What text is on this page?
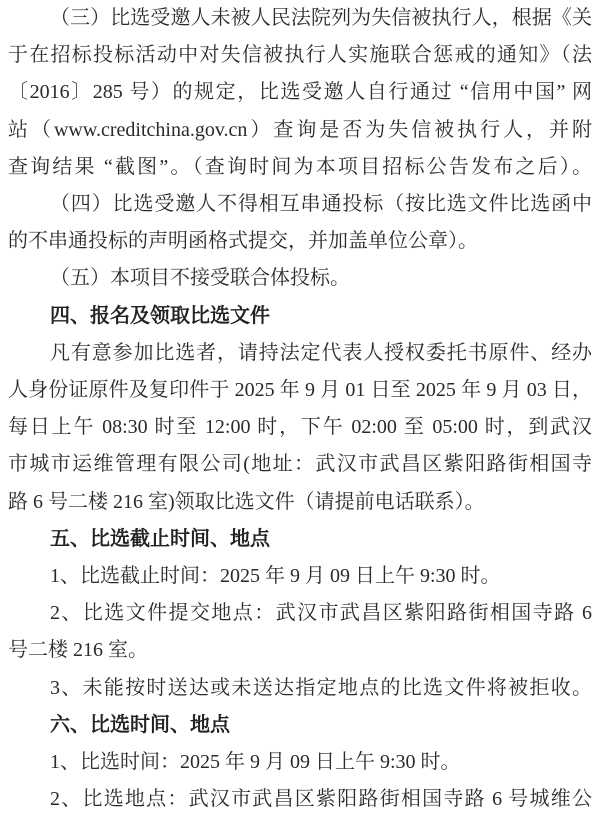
（三）比选受邀人未被人民法院列为失信被执行人，根据《关
于在招标投标活动中对失信被执行人实施联合惩戒的通知》（法
〔2016〕285 号）的规定，比选受邀人自行通过 “信用中国” 网
站（www.creditchina.gov.cn）查询是否为失信被执行人，并附
查询结果 “截图”。（查询时间为本项目招标公告发布之后）。
（四）比选受邀人不得相互串通投标（按比选文件比选函中
的不串通投标的声明函格式提交，并加盖单位公章）。
（五）本项目不接受联合体投标。
四、报名及领取比选文件
凡有意参加比选者，请持法定代表人授权委托书原件、经办
人身份证原件及复印件于 2025 年 9 月 01 日至 2025 年 9 月 03 日，
每日上午 08:30 时至 12:00 时，下午 02:00 至 05:00 时，到武汉
市城市运维管理有限公司(地址：武汉市武昌区紫阳路街相国寺
路 6 号二楼 216 室)领取比选文件（请提前电话联系）。
五、比选截止时间、地点
1、比选截止时间：2025 年 9 月 09 日上午 9:30 时。
2、比选文件提交地点：武汉市武昌区紫阳路街相国寺路 6
号二楼 216 室。
3、未能按时送达或未送达指定地点的比选文件将被拒收。
六、比选时间、地点
1、比选时间：2025 年 9 月 09 日上午 9:30 时。
2、比选地点：武汉市武昌区紫阳路街相国寺路 6 号城维公
